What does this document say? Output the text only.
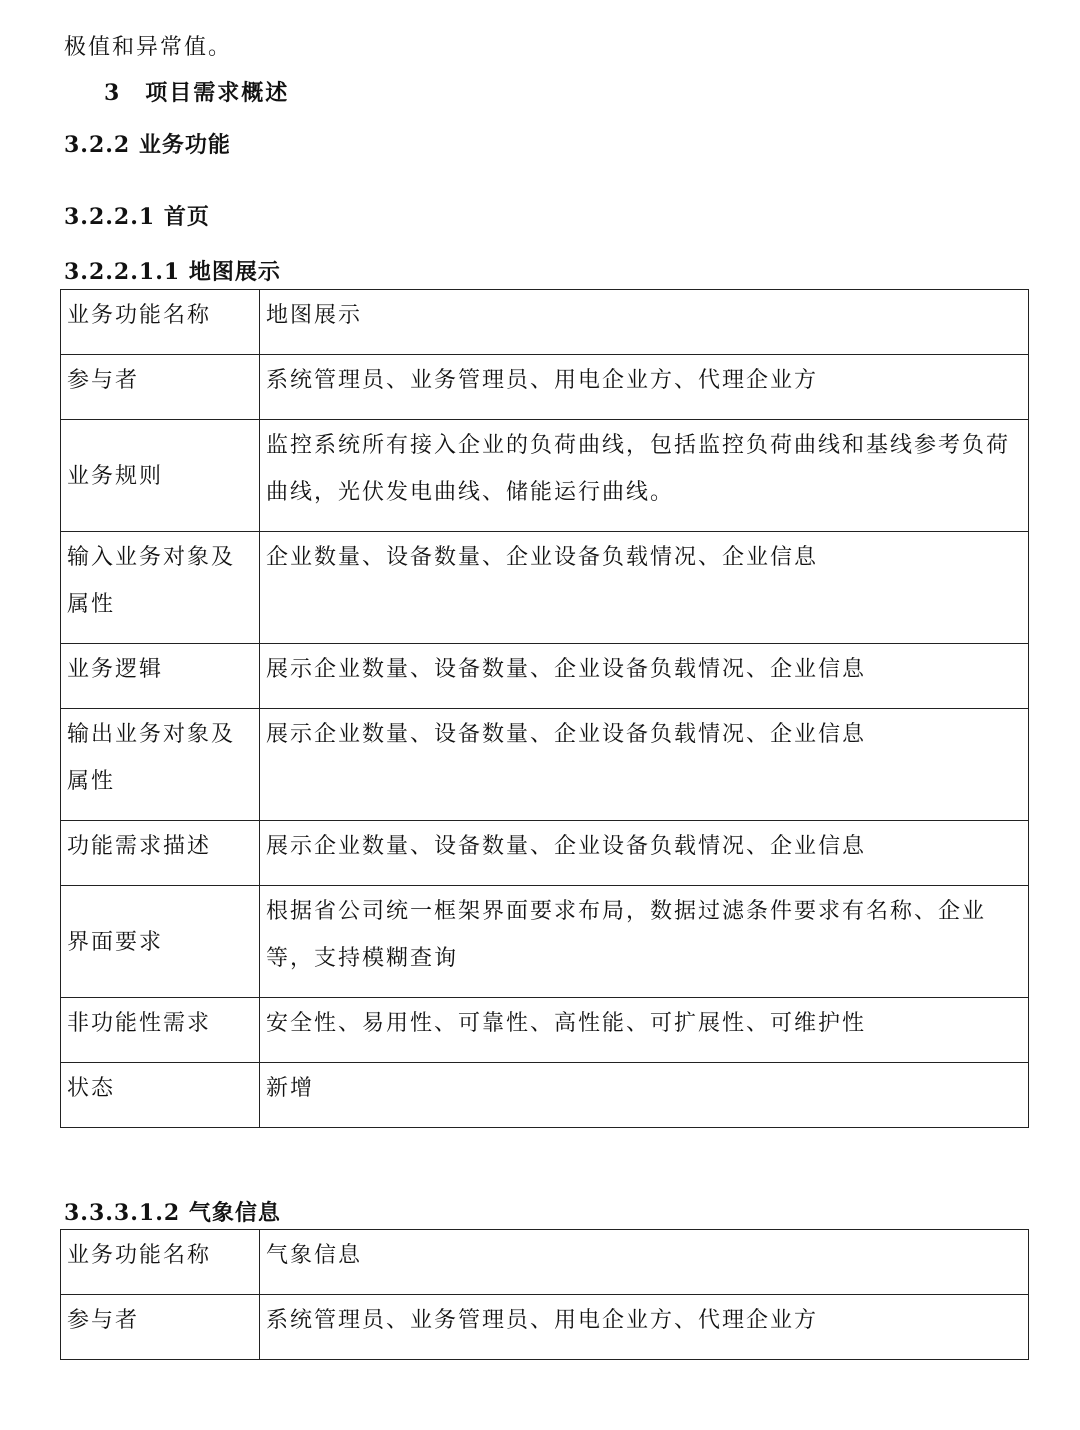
极值和异常值。
3　项目需求概述
3.2.2 业务功能
3.2.2.1 首页
3.2.2.1.1 地图展示
业务功能名称	地图展示
参与者	系统管理员、业务管理员、用电企业方、代理企业方
业务规则	监控系统所有接入企业的负荷曲线，包括监控负荷曲线和基线参考负荷曲线，光伏发电曲线、储能运行曲线。
输入业务对象及属性	企业数量、设备数量、企业设备负载情况、企业信息
业务逻辑	展示企业数量、设备数量、企业设备负载情况、企业信息
输出业务对象及属性	展示企业数量、设备数量、企业设备负载情况、企业信息
功能需求描述	展示企业数量、设备数量、企业设备负载情况、企业信息
界面要求	根据省公司统一框架界面要求布局，数据过滤条件要求有名称、企业等，支持模糊查询
非功能性需求	安全性、易用性、可靠性、高性能、可扩展性、可维护性
状态	新增
3.3.3.1.2 气象信息
业务功能名称	气象信息
参与者	系统管理员、业务管理员、用电企业方、代理企业方
